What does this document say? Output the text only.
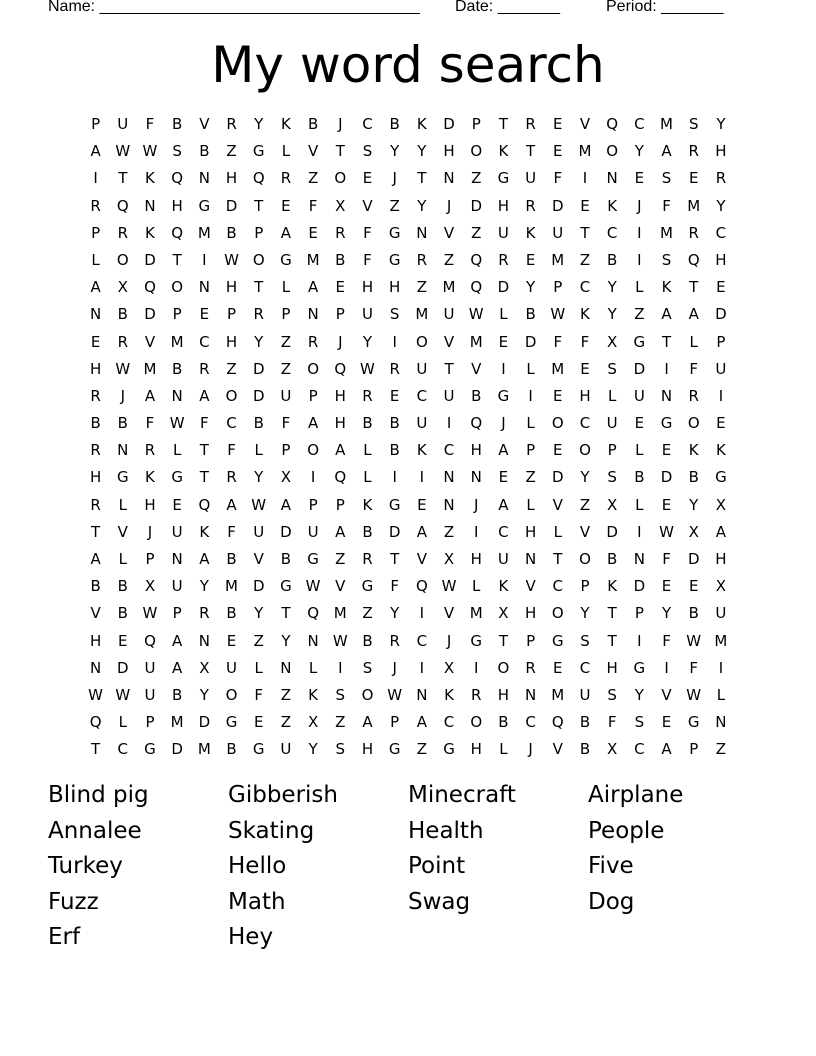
Name: ____________________________________

Date: _______

	Period: _______

My word search
P	U	F	B	V	R	Y	K	B	J	C	B	K	D	P	T	R	E	V	Q	C	M	S	Y
A W W	S	B	Z	G	L	V	T	S	Y	Y	H	O	K	T	E	M O	Y	A	R	H
I	T	K	Q	N	H	Q	R	Z	O	E	J	T	N	Z	G	U	F	I	N	E	S	E	R
R	Q	N	H	G	D	T	E	F	X	V	Z	Y	J	D	H	R	D	E	K	J	F	M	Y
P	R	K	Q M	B	P	A	E	R	F	G	N	V	Z	U	K	U	T	C	I	M	R	C
L	O	D	T	I	W O	G M	B	F	G	R	Z	Q	R	E	M	Z	B	I	S	Q	H
A	X	Q	O	N	H	T	L	A	E	H	H	Z	M Q	D	Y	P	C	Y	L	K	T	E
N	B	D	P	E	P	R	P	N	P	U	S	M	U W	L	B W K	Y	Z	A	A	D
E	R	V	M	C	H	Y	Z	R	J	Y	I	O	V	M	E	D	F	F	X	G	T	L	P
H W M	B	R	Z	D	Z	O	Q W R	U	T	V	I	L	M	E	S	D	I	F	U
R	J	A	N	A	O	D	U	P	H	R	E	C	U	B	G	I	E	H	L	U	N	R	I
B	B	F	W	F	C	B	F	A	H	B	B	U	I	Q	J	L	O	C	U	E	G	O	E
R	N	R	L	T	F	L	P	O	A	L	B	K	C	H	A	P	E	O	P	L	E	K	K
H	G	K	G	T	R	Y	X	I	Q	L	I	I	N	N	E	Z	D	Y	S	B	D	B	G
R	L	H	E	Q	A W A	P	P	K	G	E	N	J	A	L	V	Z	X	L	E	Y	X
T	V	J	U	K	F	U	D	U	A	B	D	A	Z	I	C	H	L	V	D	I	W X	A
A	L	P	N	A	B	V	B	G	Z	R	T	V	X	H	U	N	T	O	B	N	F	D	H
B	B	X	U	Y	M D	G W V	G	F	Q W	L	K	V	C	P	K	D	E	E	X
V	B W	P	R	B	Y	T	Q M	Z	Y	I	V	M	X	H	O	Y	T	P	Y	B	U
H	E	Q	A	N	E	Z	Y	N W B	R	C	J	G	T	P	G	S	T	I	F	W M
N	D	U	A	X	U	L	N	L	I	S	J	I	X	I	O	R	E	C	H	G	I	F	I
W W U	B	Y	O	F	Z	K	S	O W N	K	R	H	N	M	U	S	Y	V W	L
Q	L	P	M D	G	E	Z	X	Z	A	P	A	C	O	B	C	Q	B	F	S	E	G	N
T	C	G	D M	B	G	U	Y	S	H	G	Z	G	H	L	J	V	B	X	C	A	P	Z
Blind pig
Annalee
Turkey
Fuzz
Erf
Gibberish
Skating
Hello
Math
Hey
Minecraft
Health
Point
Swag
Airplane
People
Five
Dog
